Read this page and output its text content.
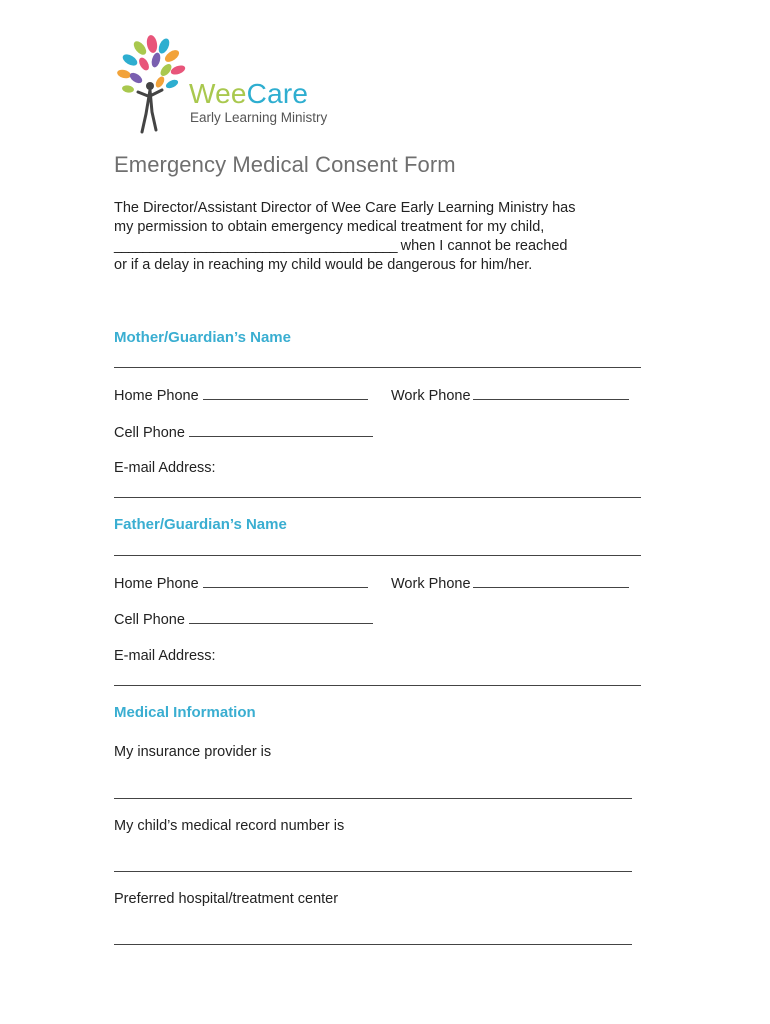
WeeCare
Early Learning Ministry
Emergency Medical Consent Form
The Director/Assistant Director of Wee Care Early Learning Ministry has
my permission to obtain emergency medical treatment for my child,
________________________________________ when I cannot be reached
or if a delay in reaching my child would be dangerous for him/her.
Mother/Guardian’s Name
Home Phone	Work Phone
Cell Phone
E-mail Address:
Father/Guardian’s Name
Home Phone	Work Phone
Cell Phone
E-mail Address:
Medical Information
My insurance provider is
My child’s medical record number is
Preferred hospital/treatment center
